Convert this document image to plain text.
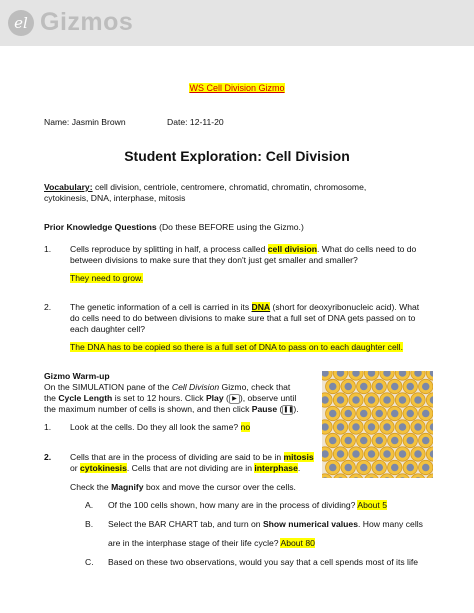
el Gizmos
WS Cell Division Gizmo
Name: Jasmin Brown	Date: 12-11-20
Student Exploration: Cell Division
Vocabulary: cell division, centriole, centromere, chromatid, chromatin, chromosome,
cytokinesis, DNA, interphase, mitosis
Prior Knowledge Questions (Do these BEFORE using the Gizmo.)
1. Cells reproduce by splitting in half, a process called cell division. What do cells need to do
between divisions to make sure that they don't just get smaller and smaller?
They need to grow.
2. The genetic information of a cell is carried in its DNA (short for deoxyribonucleic acid). What
do cells need to do between divisions to make sure that a full set of DNA gets passed on to
each daughter cell?
The DNA has to be copied so there is a full set of DNA to pass on to each daughter cell.
Gizmo Warm-up
On the SIMULATION pane of the Cell Division Gizmo, check that
the Cycle Length is set to 12 hours. Click Play ( ▶ ), observe until
the maximum number of cells is shown, and then click Pause (❚❚).
1. Look at the cells. Do they all look the same? no
2. Cells that are in the process of dividing are said to be in mitosis
or cytokinesis. Cells that are not dividing are in interphase.
Check the Magnify box and move the cursor over the cells.
A. Of the 100 cells shown, how many are in the process of dividing? About 5
B. Select the BAR CHART tab, and turn on Show numerical values. How many cells
are in the interphase stage of their life cycle? About 80
C. Based on these two observations, would you say that a cell spends most of its life
